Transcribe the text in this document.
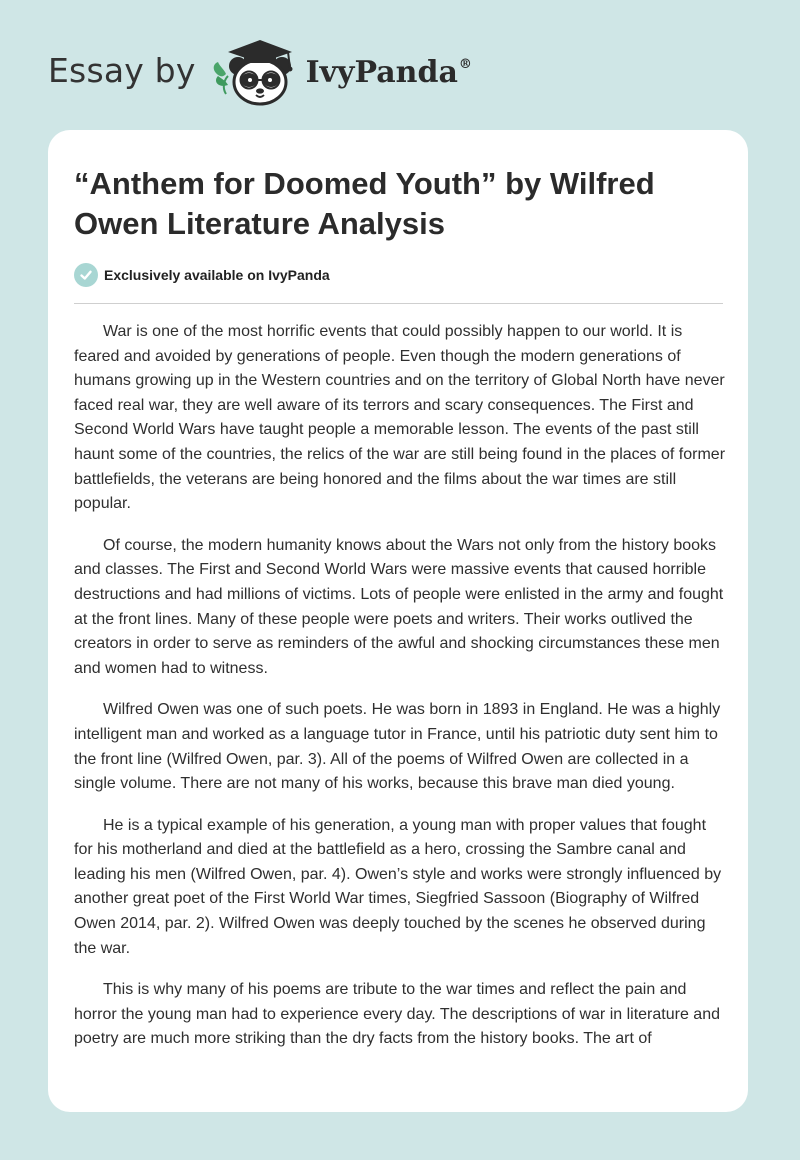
Essay by	IvyPanda®
“Anthem for Doomed Youth” by Wilfred Owen Literature Analysis
Exclusively available on IvyPanda

War is one of the most horrific events that could possibly happen to our world. It is feared and avoided by generations of people. Even though the modern generations of humans growing up in the Western countries and on the territory of Global North have never faced real war, they are well aware of its terrors and scary consequences. The First and Second World Wars have taught people a memorable lesson. The events of the past still haunt some of the countries, the relics of the war are still being found in the places of former battlefields, the veterans are being honored and the films about the war times are still popular.

Of course, the modern humanity knows about the Wars not only from the history books and classes. The First and Second World Wars were massive events that caused horrible destructions and had millions of victims. Lots of people were enlisted in the army and fought at the front lines. Many of these people were poets and writers. Their works outlived the creators in order to serve as reminders of the awful and shocking circumstances these men and women had to witness.

Wilfred Owen was one of such poets. He was born in 1893 in England. He was a highly intelligent man and worked as a language tutor in France, until his patriotic duty sent him to the front line (Wilfred Owen, par. 3). All of the poems of Wilfred Owen are collected in a single volume. There are not many of his works, because this brave man died young.

He is a typical example of his generation, a young man with proper values that fought for his motherland and died at the battlefield as a hero, crossing the Sambre canal and leading his men (Wilfred Owen, par. 4). Owen’s style and works were strongly influenced by another great poet of the First World War times, Siegfried Sassoon (Biography of Wilfred Owen 2014, par. 2). Wilfred Owen was deeply touched by the scenes he observed during the war.

This is why many of his poems are tribute to the war times and reflect the pain and horror the young man had to experience every day. The descriptions of war in literature and poetry are much more striking than the dry facts from the history books. The art of
